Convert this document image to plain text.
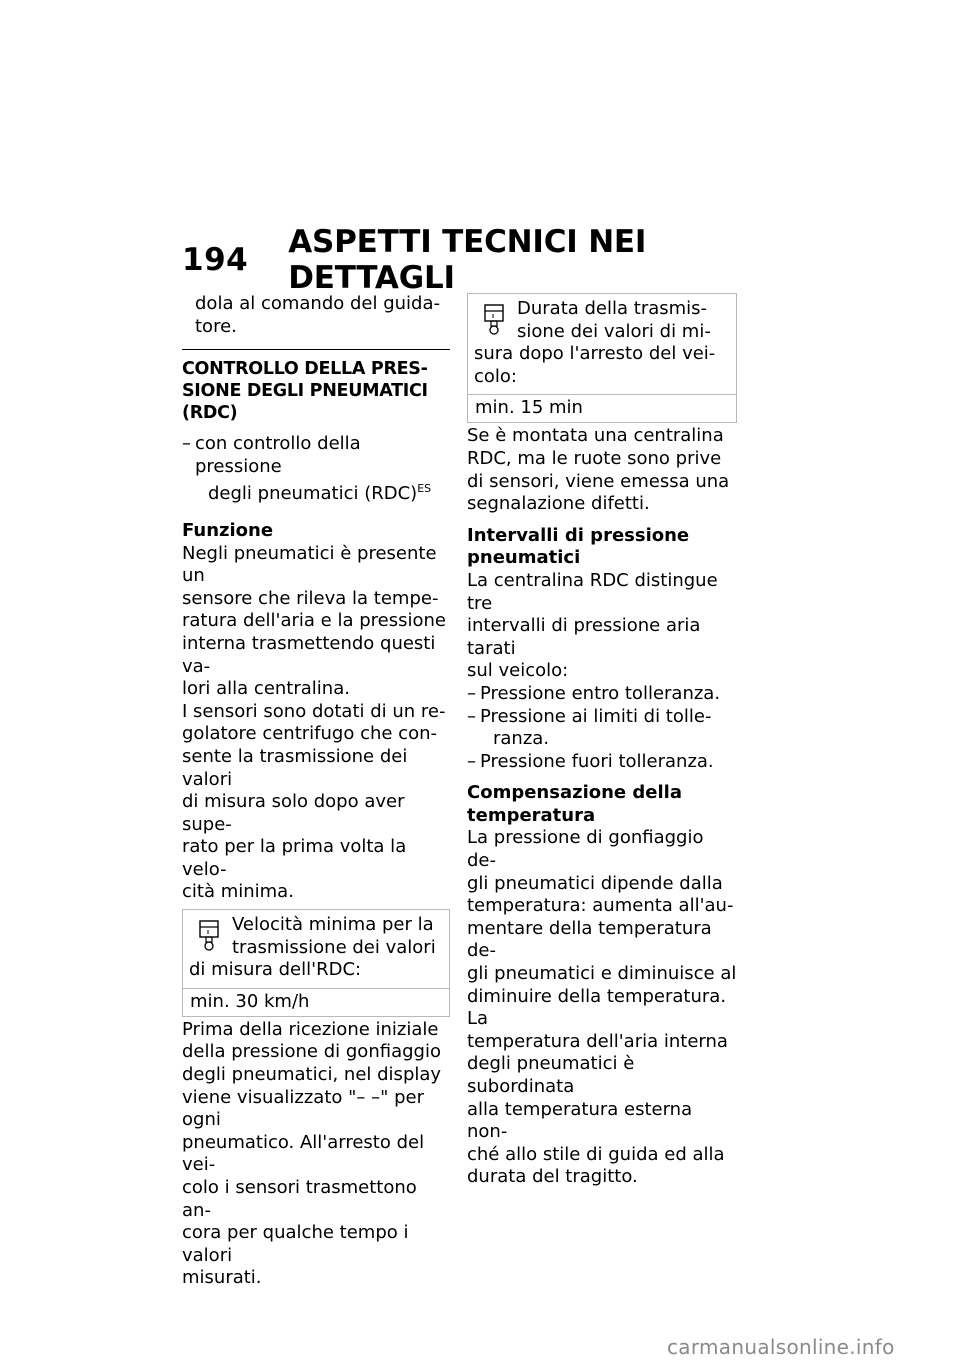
194 ASPETTI TECNICI NEI DETTAGLI

dola al comando del guida-

tore.

CONTROLLO DELLA PRES-
SIONE DEGLI PNEUMATICI
(RDC)
– con controllo della pressione
degli pneumatici (RDC)$^{ES}$
Funzione

Negli pneumatici è presente un

sensore che rileva la tempe-

ratura dell'aria e la pressione

interna trasmettendo questi va-

lori alla centralina.

I sensori sono dotati di un re-

golatore centrifugo che con-

sente la trasmissione dei valori

di misura solo dopo aver supe-

rato per la prima volta la velo-

cità minima.

Velocità minima per la
trasmissione dei valori
di misura dell'RDC:
min. 30 km/h

Prima della ricezione iniziale

della pressione di gonfiaggio

degli pneumatici, nel display

viene visualizzato "– –" per ogni

pneumatico. All'arresto del vei-

colo i sensori trasmettono an-

cora per qualche tempo i valori

misurati.

Durata della trasmis-
sione dei valori di mi-
sura dopo l'arresto del vei-
colo:
min. 15 min

Se è montata una centralina

RDC, ma le ruote sono prive

di sensori, viene emessa una

segnalazione difetti.

Intervalli di pressione
pneumatici

La centralina RDC distingue tre

intervalli di pressione aria tarati

sul veicolo:

– Pressione entro tolleranza.
– Pressione ai limiti di tolle-
ranza.
– Pressione fuori tolleranza.
Compensazione della
temperatura

La pressione di gonfiaggio de-

gli pneumatici dipende dalla

temperatura: aumenta all'au-

mentare della temperatura de-

gli pneumatici e diminuisce al

diminuire della temperatura. La

temperatura dell'aria interna

degli pneumatici è subordinata

alla temperatura esterna non-

ché allo stile di guida ed alla

durata del tragitto.

carmanualsonline.info
